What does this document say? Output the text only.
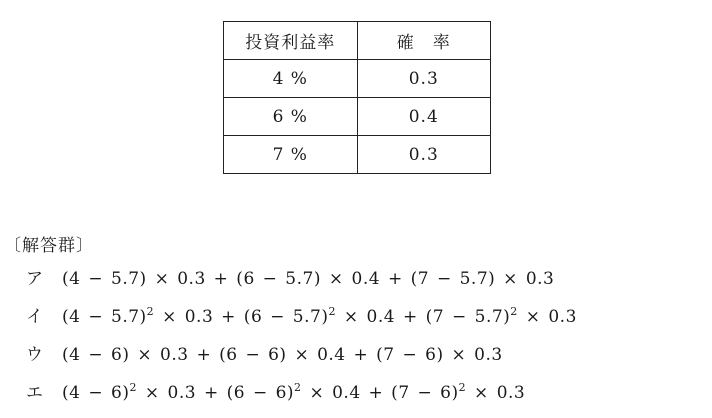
投資利益率	確　率
4 %	0.3
6 %	0.4
7 %	0.3
〔解答群〕
ア (4 − 5.7) × 0.3 + (6 − 5.7) × 0.4 + (7 − 5.7) × 0.3
イ $(4 - 5.7)^2 \times 0.3 + (6 - 5.7)^2 \times 0.4 + (7 - 5.7)^2 \times 0.3$
ウ (4 − 6) × 0.3 + (6 − 6) × 0.4 + (7 − 6) × 0.3
エ $(4 - 6)^2 \times 0.3 + (6 - 6)^2 \times 0.4 + (7 - 6)^2 \times 0.3$
